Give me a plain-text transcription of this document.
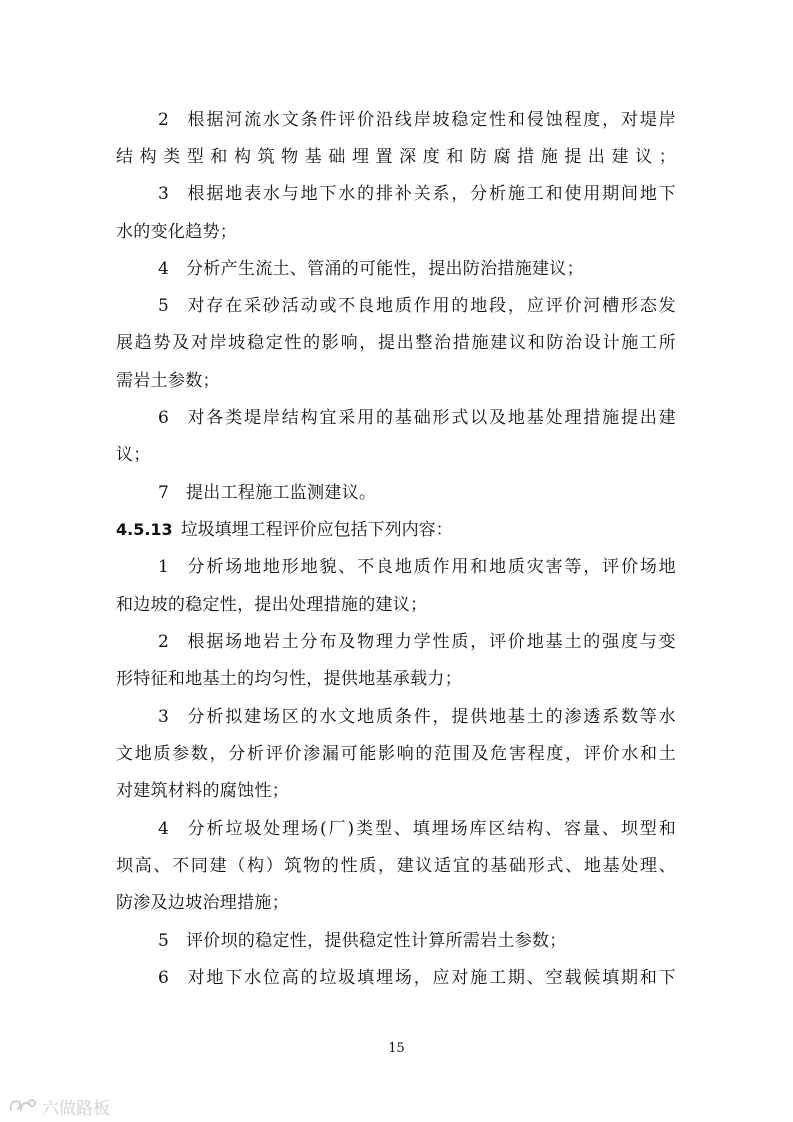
2 根据河流水文条件评价沿线岸坡稳定性和侵蚀程度，对堤岸
结构类型和构筑物基础埋置深度和防腐措施提出建议；
3 根据地表水与地下水的排补关系，分析施工和使用期间地下
水的变化趋势；
4 分析产生流土、管涌的可能性，提出防治措施建议；
5 对存在采砂活动或不良地质作用的地段，应评价河槽形态发
展趋势及对岸坡稳定性的影响，提出整治措施建议和防治设计施工所
需岩土参数；
6 对各类堤岸结构宜采用的基础形式以及地基处理措施提出建
议；
7 提出工程施工监测建议。
4.5.13 垃圾填埋工程评价应包括下列内容：
1 分析场地地形地貌、不良地质作用和地质灾害等，评价场地
和边坡的稳定性，提出处理措施的建议；
2 根据场地岩土分布及物理力学性质，评价地基土的强度与变
形特征和地基土的均匀性，提供地基承载力；
3 分析拟建场区的水文地质条件，提供地基土的渗透系数等水
文地质参数，分析评价渗漏可能影响的范围及危害程度，评价水和土
对建筑材料的腐蚀性；
4 分析垃圾处理场(厂)类型、填埋场库区结构、容量、坝型和
坝高、不同建（构）筑物的性质，建议适宜的基础形式、地基处理、
防渗及边坡治理措施；
5 评价坝的稳定性，提供稳定性计算所需岩土参数；
6 对地下水位高的垃圾填埋场，应对施工期、空载候填期和下
15
六做路板
